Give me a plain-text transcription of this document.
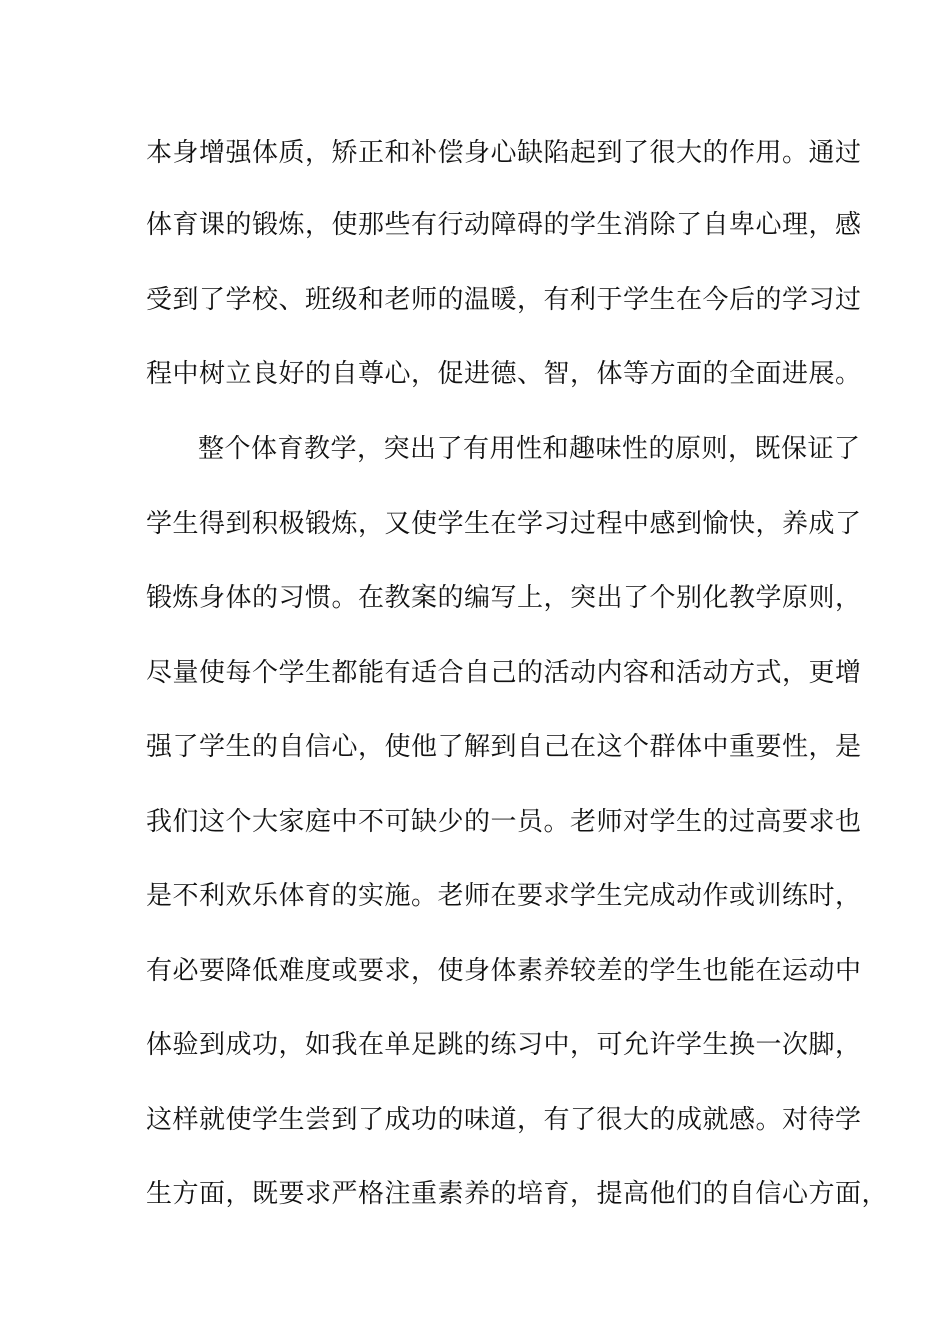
本身增强体质，矫正和补偿身心缺陷起到了很大的作用。通过
体育课的锻炼，使那些有行动障碍的学生消除了自卑心理，感
受到了学校、班级和老师的温暖，有利于学生在今后的学习过
程中树立良好的自尊心，促进德、智，体等方面的全面进展。
整个体育教学，突出了有用性和趣味性的原则，既保证了
学生得到积极锻炼，又使学生在学习过程中感到愉快，养成了
锻炼身体的习惯。在教案的编写上，突出了个别化教学原则，
尽量使每个学生都能有适合自己的活动内容和活动方式，更增
强了学生的自信心，使他了解到自己在这个群体中重要性，是
我们这个大家庭中不可缺少的一员。老师对学生的过高要求也
是不利欢乐体育的实施。老师在要求学生完成动作或训练时，
有必要降低难度或要求，使身体素养较差的学生也能在运动中
体验到成功，如我在单足跳的练习中，可允许学生换一次脚，
这样就使学生尝到了成功的味道，有了很大的成就感。对待学
生方面，既要求严格注重素养的培育，提高他们的自信心方面，
